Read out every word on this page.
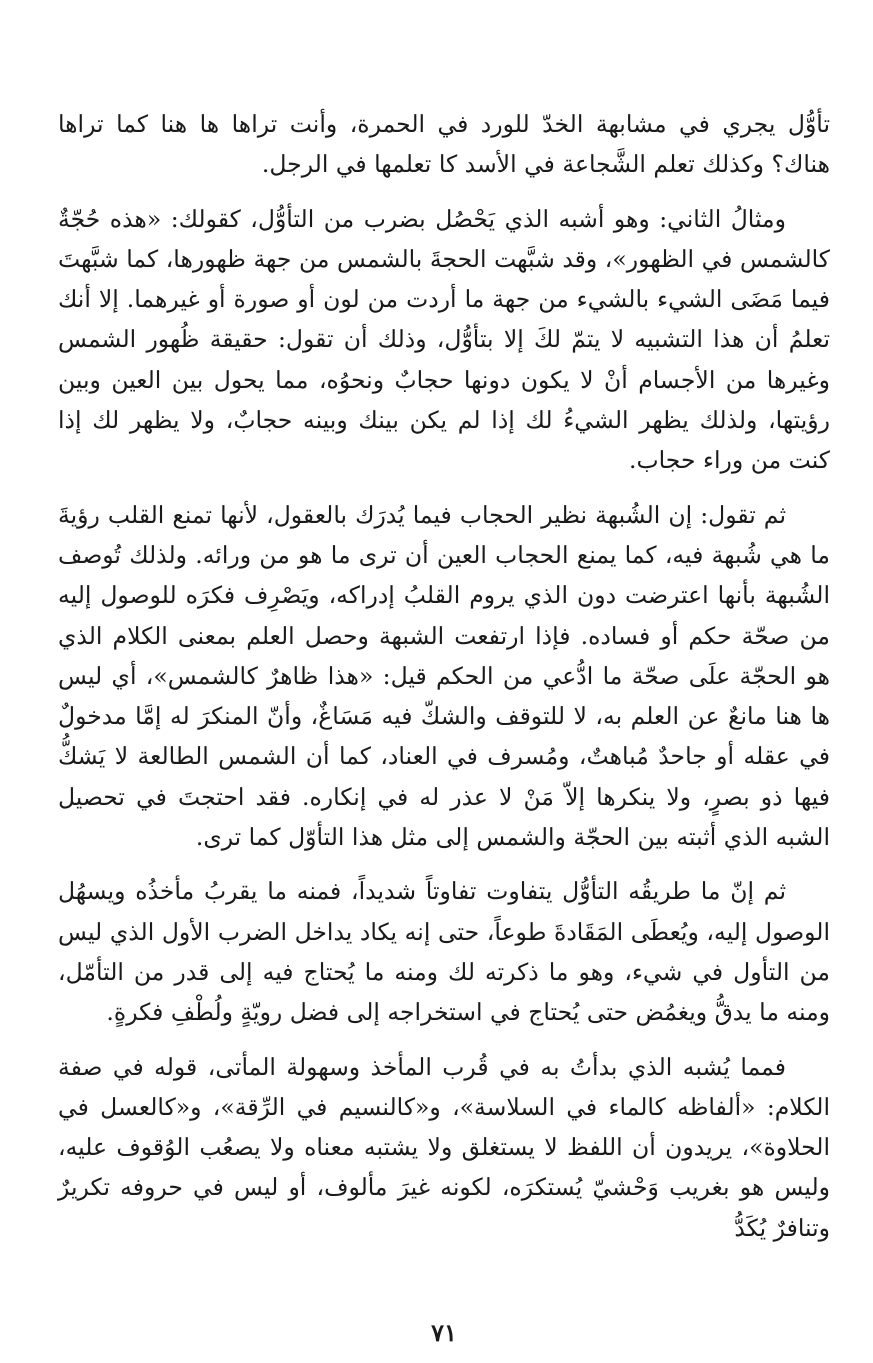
تأوُّل يجري في مشابهة الخدّ للورد في الحمرة، وأنت تراها ها هنا كما تراها هناك؟ وكذلك تعلم الشَّجاعة في الأسد كا تعلمها في الرجل.

ومثالُ الثاني: وهو أشبه الذي يَحْصُل بضرب من التأوُّل، كقولك: «هذه حُجّةٌ كالشمس في الظهور»، وقد شبَّهت الحجةَ بالشمس من جهة ظهورها، كما شبَّهتَ فيما مَضَى الشيء بالشيء من جهة ما أردت من لون أو صورة أو غيرهما. إلا أنك تعلمُ أن هذا التشبيه لا يتمّ لكَ إلا بتأوُّل، وذلك أن تقول: حقيقة ظُهور الشمس وغيرها من الأجسام أنْ لا يكون دونها حجابٌ ونحوُه، مما يحول بين العين وبين رؤيتها، ولذلك يظهر الشيءُ لك إذا لم يكن بينك وبينه حجابٌ، ولا يظهر لك إذا كنت من وراء حجاب.

ثم تقول: إن الشُبهة نظير الحجاب فيما يُدرَك بالعقول، لأنها تمنع القلب رؤيةَ ما هي شُبهة فيه، كما يمنع الحجاب العين أن ترى ما هو من ورائه. ولذلك تُوصف الشُبهة بأنها اعترضت دون الذي يروم القلبُ إدراكه، ويَصْرِف فكرَه للوصول إليه من صحّة حكم أو فساده. فإذا ارتفعت الشبهة وحصل العلم بمعنى الكلام الذي هو الحجّة علَى صحّة ما ادُّعي من الحكم قيل: «هذا ظاهرٌ كالشمس»، أي ليس ها هنا مانعٌ عن العلم به، لا للتوقف والشكّ فيه مَسَاغٌ، وأنّ المنكرَ له إمَّا مدخولٌ في عقله أو جاحدٌ مُباهتٌ، ومُسرف في العناد، كما أن الشمس الطالعة لا يَشكُّ فيها ذو بصرٍ، ولا ينكرها إلاّ مَنْ لا عذر له في إنكاره. فقد احتجتَ في تحصيل الشبه الذي أثبته بين الحجّة والشمس إلى مثل هذا التأوّل كما ترى.

ثم إنّ ما طريقُه التأوُّل يتفاوت تفاوتاً شديداً، فمنه ما يقربُ مأخذُه ويسهُل الوصول إليه، ويُعطَى المَقَادةَ طوعاً، حتى إنه يكاد يداخل الضرب الأول الذي ليس من التأول في شيء، وهو ما ذكرته لك ومنه ما يُحتاج فيه إلى قدر من التأمّل، ومنه ما يدقُّ ويغمُض حتى يُحتاج في استخراجه إلى فضل رويّةٍ ولُطْفِ فكرةٍ.

فمما يُشبه الذي بدأتُ به في قُرب المأخذ وسهولة المأتى، قوله في صفة الكلام: «ألفاظه كالماء في السلاسة»، و«كالنسيم في الرِّقة»، و«كالعسل في الحلاوة»، يريدون أن اللفظ لا يستغلق ولا يشتبه معناه ولا يصعُب الوُقوف عليه، وليس هو بغريب وَحْشيّ يُستكرَه، لكونه غيرَ مألوف، أو ليس في حروفه تكريرٌ وتنافرٌ يُكَدُّ

٧١
